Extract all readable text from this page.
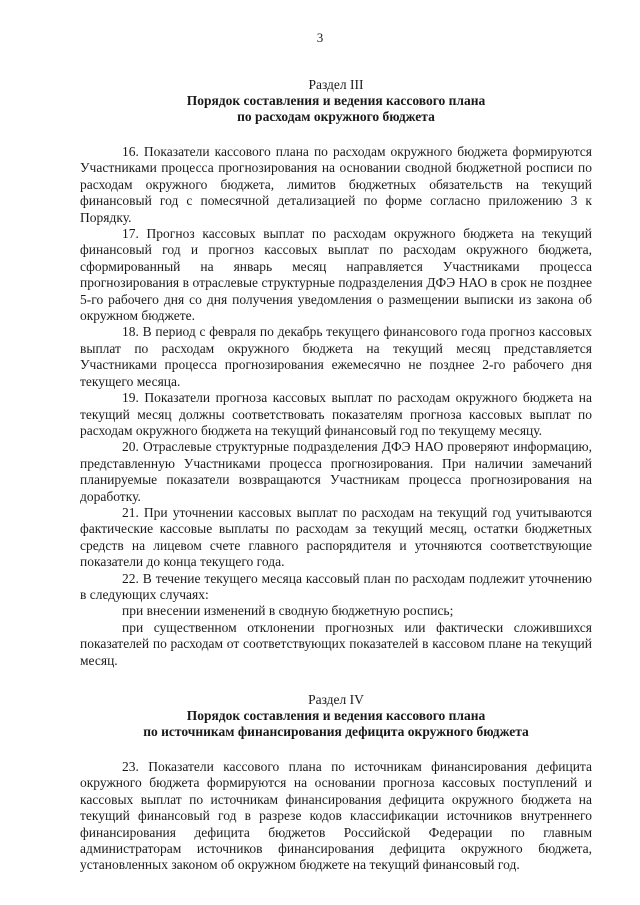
3

Раздел III

Порядок составления и ведения кассового плана

по расходам окружного бюджета

16. Показатели кассового плана по расходам окружного бюджета формируются Участниками процесса прогнозирования на основании сводной бюджетной росписи по расходам окружного бюджета, лимитов бюджетных обязательств на текущий финансовый год с помесячной детализацией по форме согласно приложению 3 к Порядку.

17. Прогноз кассовых выплат по расходам окружного бюджета на текущий финансовый год и прогноз кассовых выплат по расходам окружного бюджета, сформированный на январь месяц направляется Участниками процесса прогнозирования в отраслевые структурные подразделения ДФЭ НАО в срок не позднее 5-го рабочего дня со дня получения уведомления о размещении выписки из закона об окружном бюджете.

18. В период с февраля по декабрь текущего финансового года прогноз кассовых выплат по расходам окружного бюджета на текущий месяц представляется Участниками процесса прогнозирования ежемесячно не позднее 2-го рабочего дня текущего месяца.

19. Показатели прогноза кассовых выплат по расходам окружного бюджета на текущий месяц должны соответствовать показателям прогноза кассовых выплат по расходам окружного бюджета на текущий финансовый год по текущему месяцу.

20. Отраслевые структурные подразделения ДФЭ НАО проверяют информацию, представленную Участниками процесса прогнозирования. При наличии замечаний планируемые показатели возвращаются Участникам процесса прогнозирования на доработку.

21. При уточнении кассовых выплат по расходам на текущий год учитываются фактические кассовые выплаты по расходам за текущий месяц, остатки бюджетных средств на лицевом счете главного распорядителя и уточняются соответствующие показатели до конца текущего года.

22. В течение текущего месяца кассовый план по расходам подлежит уточнению в следующих случаях:

при внесении изменений в сводную бюджетную роспись;

при существенном отклонении прогнозных или фактически сложившихся показателей по расходам от соответствующих показателей в кассовом плане на текущий месяц.

Раздел IV

Порядок составления и ведения кассового плана

по источникам финансирования дефицита окружного бюджета

23. Показатели кассового плана по источникам финансирования дефицита окружного бюджета формируются на основании прогноза кассовых поступлений и кассовых выплат по источникам финансирования дефицита окружного бюджета на текущий финансовый год в разрезе кодов классификации источников внутреннего финансирования дефицита бюджетов Российской Федерации по главным администраторам источников финансирования дефицита окружного бюджета, установленных законом об окружном бюджете на текущий финансовый год.
